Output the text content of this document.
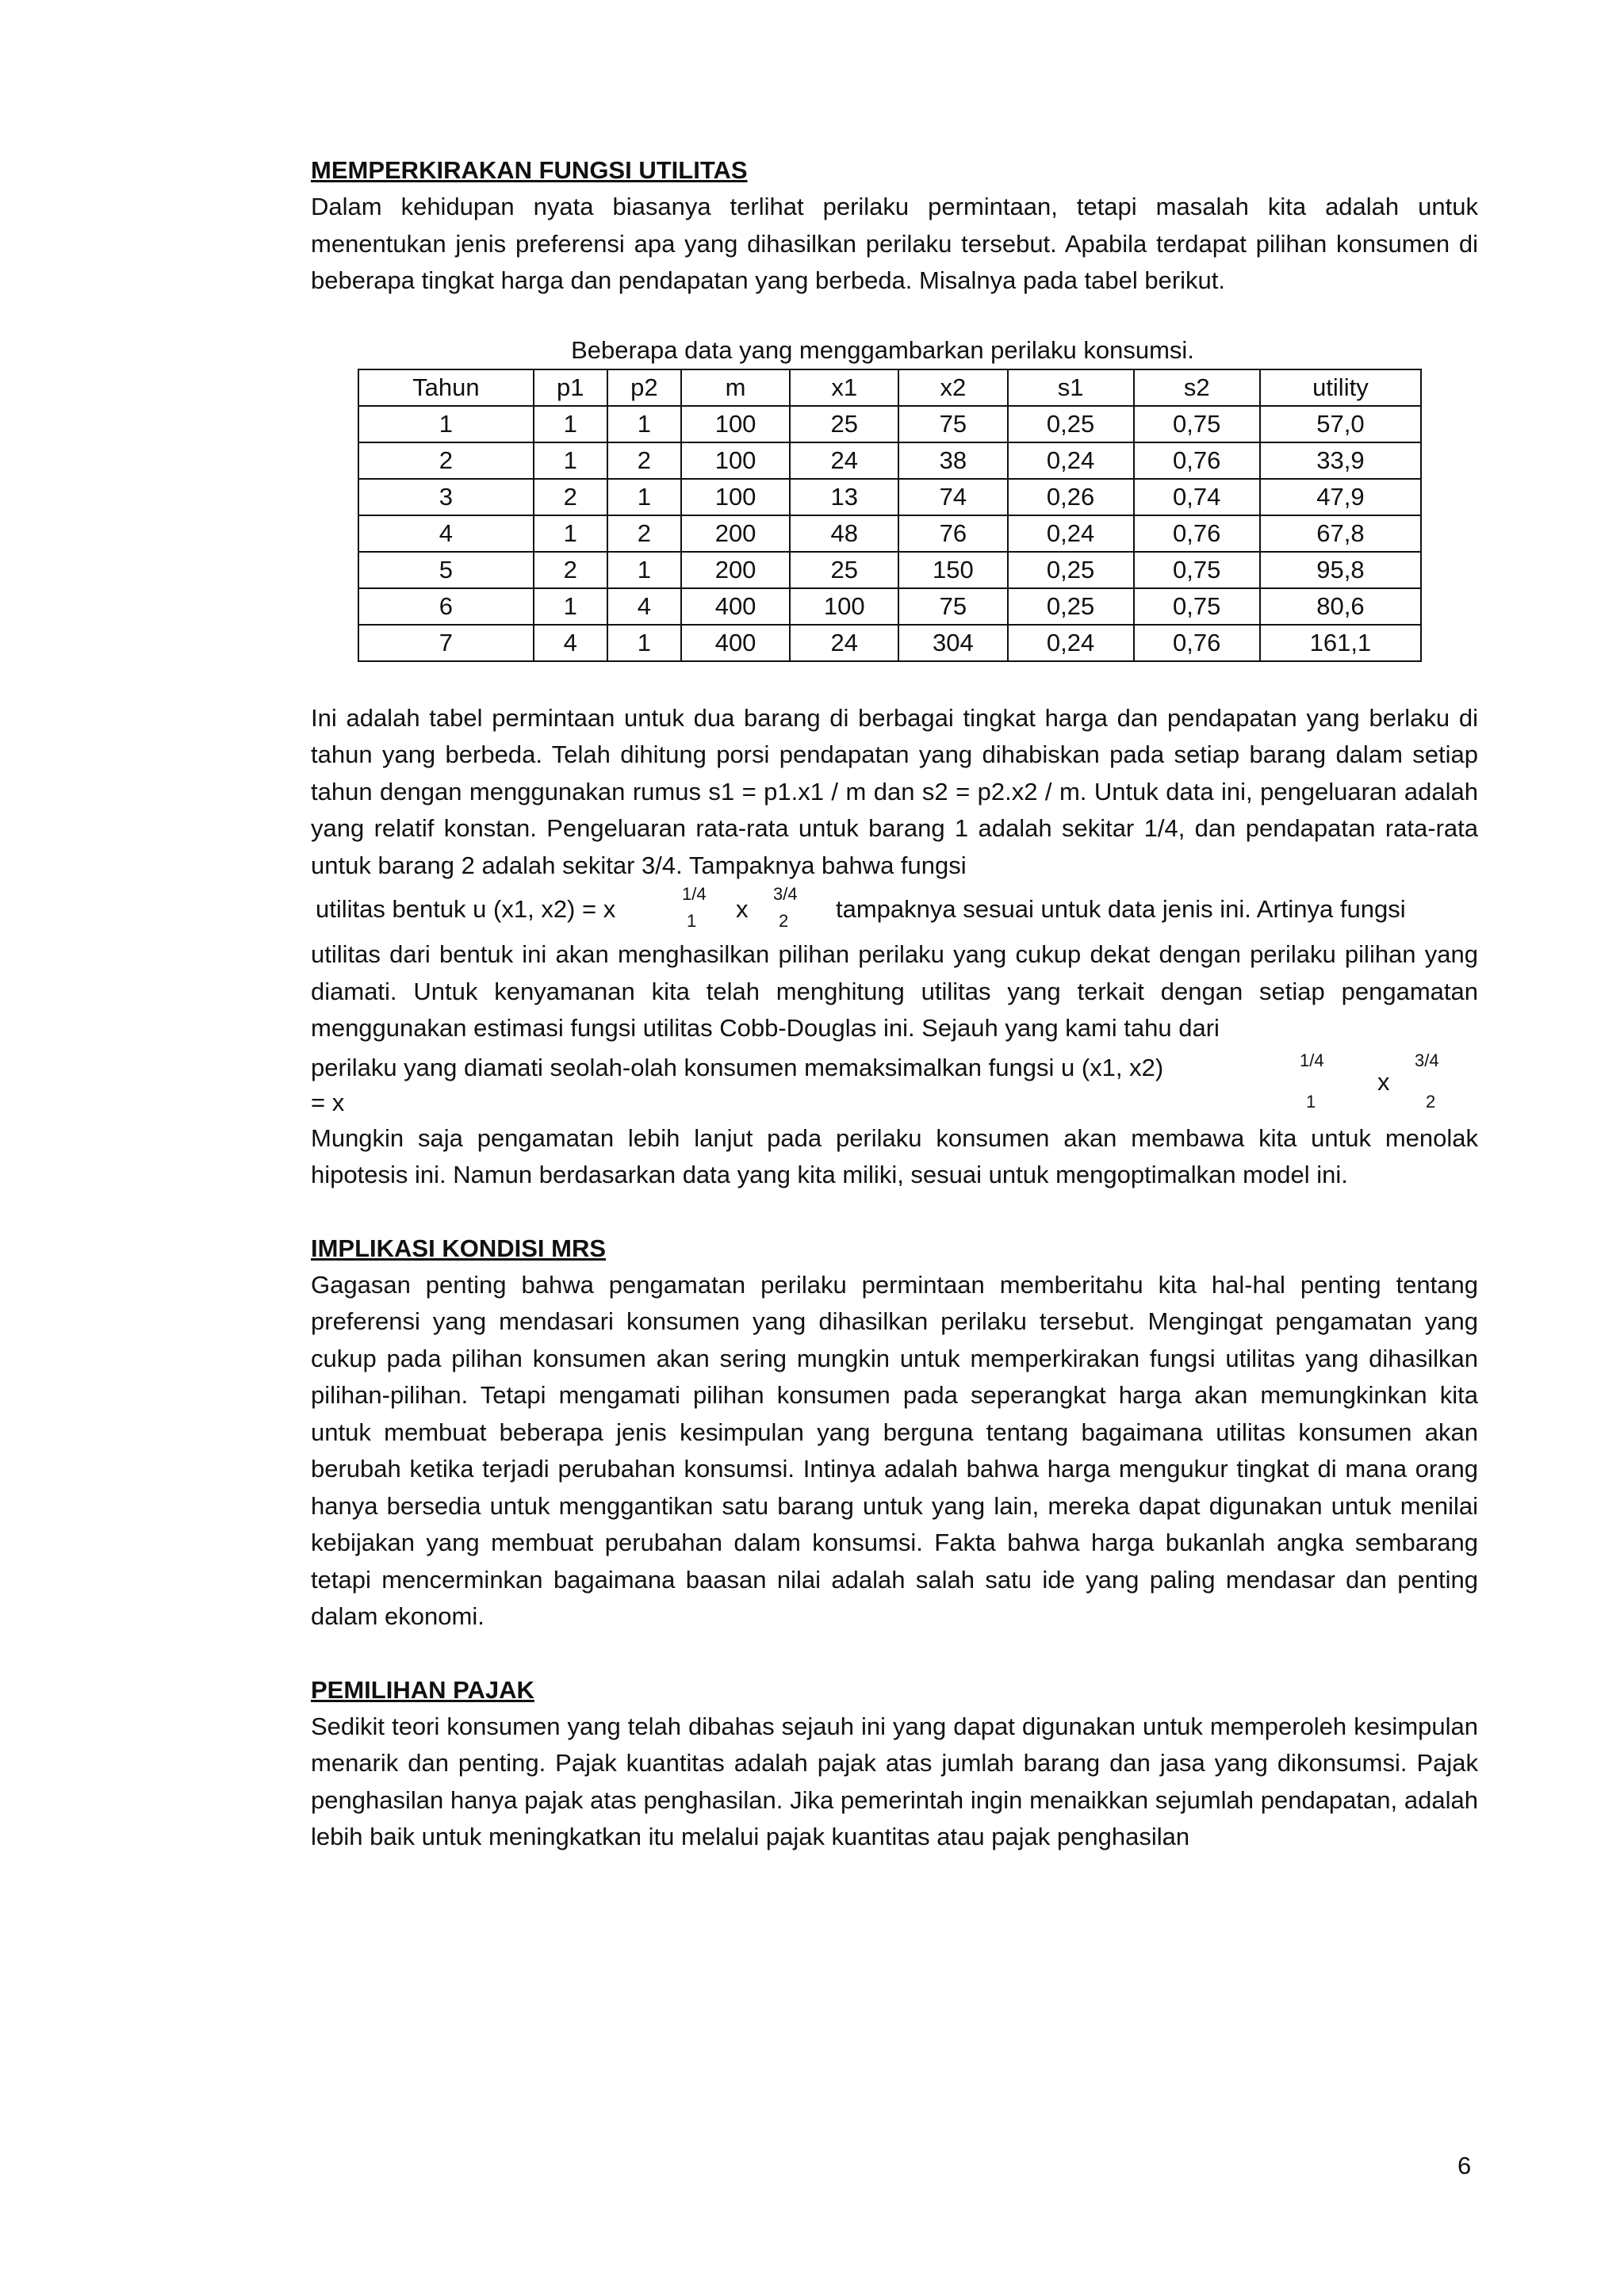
MEMPERKIRAKAN FUNGSI UTILITAS

Dalam kehidupan nyata biasanya terlihat perilaku permintaan, tetapi masalah kita adalah untuk menentukan jenis preferensi apa yang dihasilkan perilaku tersebut. Apabila terdapat pilihan konsumen di beberapa tingkat harga dan pendapatan yang berbeda. Misalnya pada tabel berikut.

Beberapa data yang menggambarkan perilaku konsumsi.

Tahun	p1	p2	m	x1	x2	s1	s2	utility
1	1	1	100	25	75	0,25	0,75	57,0
2	1	2	100	24	38	0,24	0,76	33,9
3	2	1	100	13	74	0,26	0,74	47,9
4	1	2	200	48	76	0,24	0,76	67,8
5	2	1	200	25	150	0,25	0,75	95,8
6	1	4	400	100	75	0,25	0,75	80,6
7	4	1	400	24	304	0,24	0,76	161,1

Ini adalah tabel permintaan untuk dua barang di berbagai tingkat harga dan pendapatan yang berlaku di tahun yang berbeda. Telah dihitung porsi pendapatan yang dihabiskan pada setiap barang dalam setiap tahun dengan menggunakan rumus s1 = p1.x1 / m dan s2 = p2.x2 / m. Untuk data ini, pengeluaran adalah yang relatif konstan. Pengeluaran rata-rata untuk barang 1 adalah sekitar 1/4, dan pendapatan rata-rata untuk barang 2 adalah sekitar 3/4. Tampaknya bahwa fungsi

utilitas bentuk u (x1, x2) = x
1/4
1 x
3/4
2 tampaknya sesuai untuk data jenis ini. Artinya fungsi

utilitas dari bentuk ini akan menghasilkan pilihan perilaku yang cukup dekat dengan perilaku pilihan yang diamati. Untuk kenyamanan kita telah menghitung utilitas yang terkait dengan setiap pengamatan menggunakan estimasi fungsi utilitas Cobb-Douglas ini. Sejauh yang kami tahu dari

perilaku yang diamati seolah-olah konsumen memaksimalkan fungsi u (x1, x2)	1/4
x
3/4
= x	1	2

Mungkin saja pengamatan lebih lanjut pada perilaku konsumen akan membawa kita untuk menolak hipotesis ini. Namun berdasarkan data yang kita miliki, sesuai untuk mengoptimalkan model ini.

IMPLIKASI KONDISI MRS

Gagasan penting bahwa pengamatan perilaku permintaan memberitahu kita hal-hal penting tentang preferensi yang mendasari konsumen yang dihasilkan perilaku tersebut. Mengingat pengamatan yang cukup pada pilihan konsumen akan sering mungkin untuk memperkirakan fungsi utilitas yang dihasilkan pilihan-pilihan. Tetapi mengamati pilihan konsumen pada seperangkat harga akan memungkinkan kita untuk membuat beberapa jenis kesimpulan yang berguna tentang bagaimana utilitas konsumen akan berubah ketika terjadi perubahan konsumsi. Intinya adalah bahwa harga mengukur tingkat di mana orang hanya bersedia untuk menggantikan satu barang untuk yang lain, mereka dapat digunakan untuk menilai kebijakan yang membuat perubahan dalam konsumsi. Fakta bahwa harga bukanlah angka sembarang tetapi mencerminkan bagaimana baasan nilai adalah salah satu ide yang paling mendasar dan penting dalam ekonomi.

PEMILIHAN PAJAK

Sedikit teori konsumen yang telah dibahas sejauh ini yang dapat digunakan untuk memperoleh kesimpulan menarik dan penting. Pajak kuantitas adalah pajak atas jumlah barang dan jasa yang dikonsumsi. Pajak penghasilan hanya pajak atas penghasilan. Jika pemerintah ingin menaikkan sejumlah pendapatan, adalah lebih baik untuk meningkatkan itu melalui pajak kuantitas atau pajak penghasilan

6
